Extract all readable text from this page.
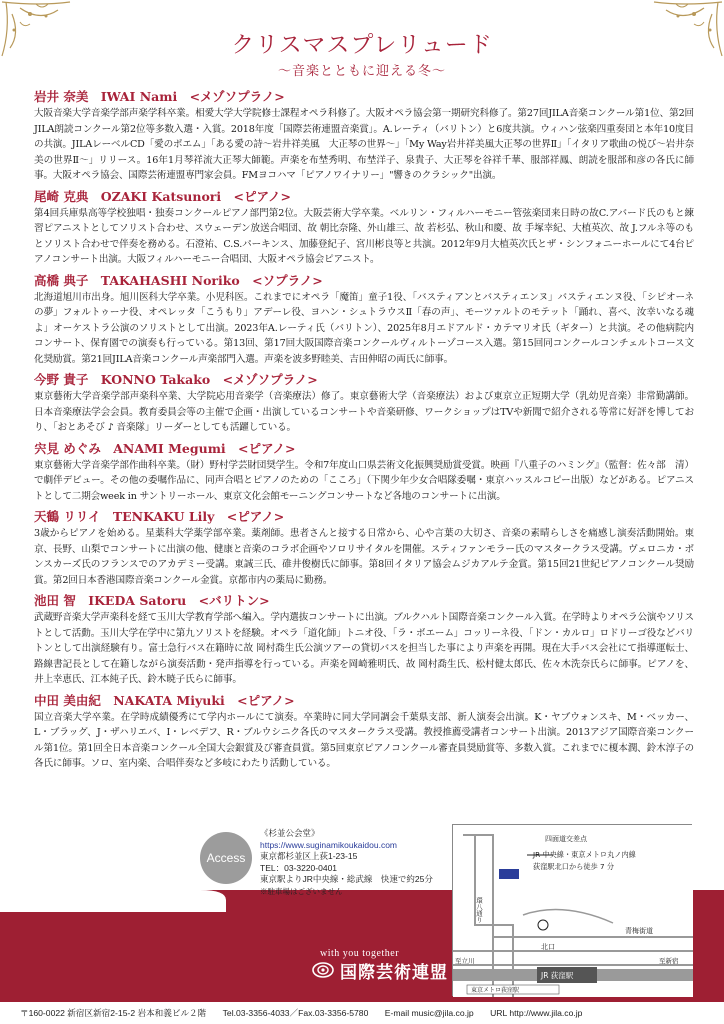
クリスマスプレリュード
〜音楽とともに迎える冬〜
岩井 奈美 IWAI Nami <メゾソプラノ>
大阪音楽大学音楽学部声楽学科卒業。相愛大学大学院修士課程オペラ科修了。大阪オペラ協会第一期研究科修了。第27回JILA音楽コンクール第1位、第2回JILA朗読コンクール第2位等多数入選・入賞。2018年度「国際芸術連盟音楽賞」。A.レーティ（バリトン）と6度共演。ウィハン弦楽四重奏団と本年10度目の共演。JILAレーベルCD「愛のポエム」「ある愛の詩〜岩井祥美風　大正琴の世界〜」「My Way岩井祥美風大正琴の世界Ⅱ」「イタリア歌曲の悦び〜岩井奈美の世界Ⅱ〜」リリース。16年1月琴祥流大正琴大師範。声楽を布埜秀明、布埜洋子、泉貴子、大正琴を谷祥千華、服部祥鳳、朗読を服部和彦の各氏に師事。大阪オペラ協会、国際芸術連盟専門家会員。FMヨコハマ「ピアノワイナリー」"響きのクラシック"出演。
尾崎 克典 OZAKI Katsunori <ピアノ>
第4回兵庫県高等学校独唱・独奏コンクールピアノ部門第2位。大阪芸術大学卒業。ベルリン・フィルハーモニー管弦楽団来日時の故C.アバード氏のもと練習ピアニストとしてソリスト合わせ、スウェーデン放送合唱団、故 朝比奈隆、外山雄三、故 若杉弘、秋山和慶、故 手塚幸紀、大植英次、故 J.フルネ等のもとソリスト合わせで伴奏を務める。石澄祐、C.S.パーキンス、加藤登紀子、宮川彬良等と共演。2012年9月大植英次氏とザ・シンフォニーホールにて4台ピアノコンサート出演。大阪フィルハーモニー合唱団、大阪オペラ協会ピアニスト。
高橋 典子 TAKAHASHI Noriko <ソプラノ>
北海道旭川市出身。旭川医科大学卒業。小児科医。これまでにオペラ「魔笛」童子1役、「バスティアンとバスティエンヌ」バスティエンヌ役、「シピオーネの夢」フォルトゥーナ役、オペレッタ「こうもり」アデーレ役、ヨハン・シュトラウスⅡ「春の声」、モーツァルトのモテット「踊れ、喜べ、汝幸いなる魂よ」オーケストラ公演のソリストとして出演。2023年A.レーティ氏（バリトン）、2025年8月エドアルド・カテマリオ氏（ギター）と共演。その他病院内コンサート、保育園での演奏も行っている。第13回、第17回大阪国際音楽コンクールヴィルトーゾコース入選。第15回同コンクールコンチェルトコース文化奨励賞。第21回JILA音楽コンクール声楽部門入選。声楽を波多野睦美、吉田伸昭の両氏に師事。
今野 貴子 KONNO Takako <メゾソプラノ>
東京藝術大学音楽学部声楽科卒業、大学院応用音楽学（音楽療法）修了。東京藝術大学（音楽療法）および東京立正短期大学（乳幼児音楽）非常勤講師。日本音楽療法学会会員。教育委員会等の主催で企画・出演しているコンサートや音楽研修、ワークショップはTVや新聞で紹介される等常に好評を博しており、「おとあそび ♪ 音楽隊」リーダーとしても活躍している。
宍見 めぐみ ANAMI Megumi <ピアノ>
東京藝術大学音楽学部作曲科卒業。（財）野村学芸財団奨学生。令和7年度山口県芸術文化振興奨励賞受賞。映画『八重子のハミング』（監督：佐々部　清）で劇伴デビュー。その他の委嘱作品に、同声合唱とピアノのための「こころ」（下関少年少女合唱隊委嘱・東京ハッスルコピー出版）などがある。ピアニストとして二期会week in サントリーホール、東京文化会館モーニングコンサートなど各地のコンサートに出演。
天鶴 リリイ TENKAKU Lily <ピアノ>
3歳からピアノを始める。星薬科大学薬学部卒業。薬剤師。患者さんと接する日常から、心や言葉の大切さ、音楽の素晴らしさを痛感し演奏活動開始。東京、長野、山梨でコンサートに出演の他、健康と音楽のコラボ企画やソロリサイタルを開催。スティファンモラー氏のマスタークラス受講。ヴェロニカ・ボンスカーズ氏のフランスでのアカデミー受講。東誠三氏、碓井俊樹氏に師事。第8回イタリア協会ムジカアルテ金賞。第15回21世紀ピアノコンクール奨励賞。第2回日本香港国際音楽コンクール金賞。京都市内の薬局に勤務。
池田 智 IKEDA Satoru <バリトン>
武蔵野音楽大学声楽科を経て玉川大学教育学部へ編入。学内選抜コンサートに出演。ブルクハルト国際音楽コンクール入賞。在学時よりオペラ公演やソリストとして活動。玉川大学在学中に第九ソリストを経験。オペラ「道化師」トニオ役、「ラ・ボエーム」コッリーネ役、「ドン・カルロ」ロドリーゴ役などバリトンとして出演経験有り。富士急行バス在籍時に故 岡村喬生氏公演ツアーの貸切バスを担当した事により声楽を再開。現在大手バス会社にて指導運転士、路線書記長として在籍しながら演奏活動・発声指導を行っている。声楽を岡崎雅明氏、故 岡村喬生氏、松村健太郎氏、佐々木洗奈氏らに師事。ピアノを、井上幸恵氏、江本純子氏、鈴木暁子氏らに師事。
中田 美由紀 NAKATA Miyuki <ピアノ>
国立音楽大学卒業。在学時成績優秀にて学内ホールにて演奏。卒業時に同大学同調会千葉県支部、新人演奏会出演。K・ヤブウォンスキ、M・ベッカー、L・ブラッグ、J・ザハリエバ、I・レベデフ、R・ブルウシニク各氏のマスタークラス受講。教授推薦受講者コンサート出演。2013アジア国際音楽コンクール第1位。第1回全日本音楽コンクール全国大会銀賞及び審査員賞。第5回東京ピアノコンクール審査員奨励賞等、多数入賞。これまでに榎本潤、鈴木淳子の各氏に師事。ソロ、室内楽、合唱伴奏など多岐にわたり活動している。
Access
《杉並公会堂》
https://www.suginamikoukaidou.com
東京都杉並区上荻1-23-15
TEL：03-3220-0401
東京駅よりJR中央線・総武線　快速で約25分
※駐車場はございません
四面道交差点
JR 中央線・東京メトロ丸ノ内線
荻窪駅北口から徒歩 7 分
環八通り
青梅街道
北口
JR 荻窪駅
至立川	至新宿
東京メトロ荻窪駅
with you together
国際芸術連盟
〒160-0022 新宿区新宿2-15-2 岩本和義ビル２階 Tel.03-3356-4033／Fax.03-3356-5780 E-mail music@jila.co.jp URL http://www.jila.co.jp
